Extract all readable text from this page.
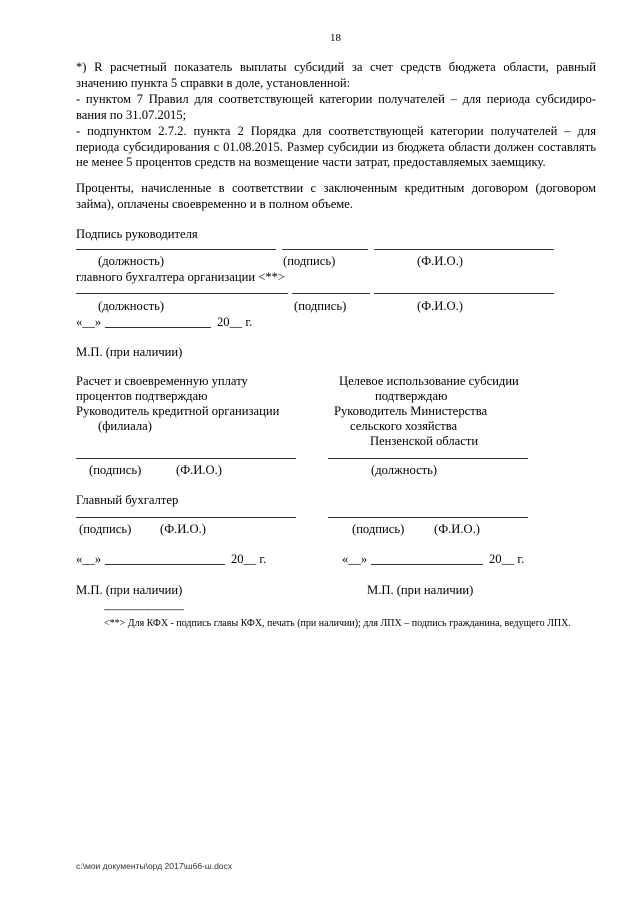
18
*) R расчетный показатель выплаты субсидий за счет средств бюджета области, равный значению пункта 5 справки в доле, установленной:
- пунктом 7 Правил для соответствующей категории получателей – для периода субсидиро-вания по 31.07.2015;
- подпунктом 2.7.2. пункта 2 Порядка для соответствующей категории получателей – для периода субсидирования с 01.08.2015. Размер субсидии из бюджета области должен составлять не менее 5 процентов средств на возмещение части затрат, предоставляемых заемщику.
Проценты, начисленные в соответствии с заключенным кредитным договором (договором займа), оплачены своевременно и в полном объеме.
Подпись руководителя
(должность)	(подпись)	(Ф.И.О.)
главного бухгалтера организации <**>
(должность)	(подпись)	(Ф.И.О.)
«__»	20__ г.
М.П. (при наличии)
Расчет и своевременную уплату
процентов подтверждаю
Руководитель кредитной организации
(филиала)
Целевое использование субсидии
подтверждаю
Руководитель Министерства
сельского хозяйства
Пензенской области
(подпись)	(Ф.И.О.)	(должность)
Главный бухгалтер
(подпись) (Ф.И.О.)	(подпись) (Ф.И.О.)
«__»	20__ г.	«__»	20__ г.
М.П. (при наличии)	М.П. (при наличии)
--------------------------------
<**> Для КФХ - подпись главы КФХ, печать (при наличии); для ЛПХ – подпись гражданина, ведущего ЛПХ.
c:\мои документы\орд 2017\ш66-ш.docx
